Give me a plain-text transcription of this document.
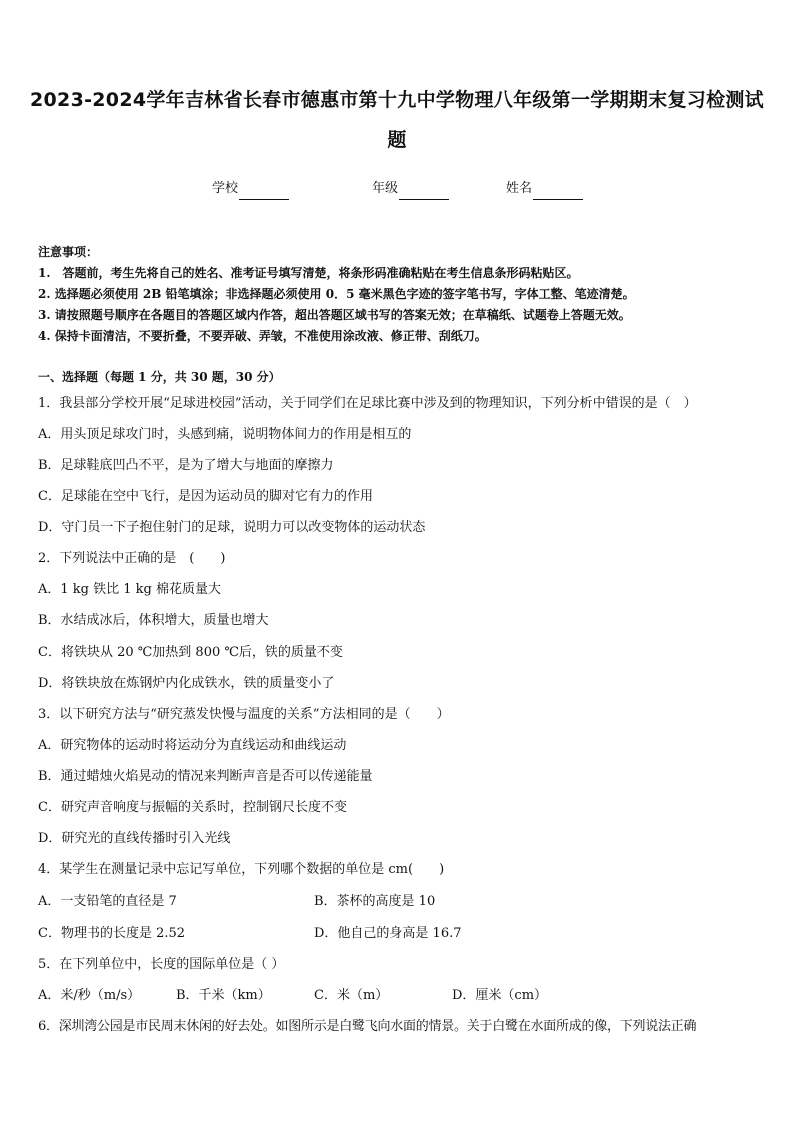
2023-2024学年吉林省长春市德惠市第十九中学物理八年级第一学期期末复习检测试
题
学校	年级	姓名
注意事项：
1.　答题前，考生先将自己的姓名、准考证号填写清楚，将条形码准确粘贴在考生信息条形码粘贴区。
2. 选择题必须使用 2B 铅笔填涂；非选择题必须使用 0．5 毫米黑色字迹的签字笔书写，字体工整、笔迹清楚。
3. 请按照题号顺序在各题目的答题区域内作答，超出答题区域书写的答案无效；在草稿纸、试题卷上答题无效。
4. 保持卡面清洁，不要折叠，不要弄破、弄皱，不准使用涂改液、修正带、刮纸刀。
一、选择题（每题 1 分，共 30 题，30 分）
1．我县部分学校开展“足球进校园”活动，关于同学们在足球比赛中涉及到的物理知识，下列分析中错误的是（　）
A．用头顶足球攻门时，头感到痛，说明物体间力的作用是相互的
B．足球鞋底凹凸不平，是为了增大与地面的摩擦力
C．足球能在空中飞行，是因为运动员的脚对它有力的作用
D．守门员一下子抱住射门的足球，说明力可以改变物体的运动状态
2．下列说法中正确的是　(　　)
A．1 kg 铁比 1 kg 棉花质量大
B．水结成冰后，体积增大，质量也增大
C．将铁块从 20 ℃加热到 800 ℃后，铁的质量不变
D．将铁块放在炼钢炉内化成铁水，铁的质量变小了
3．以下研究方法与“研究蒸发快慢与温度的关系”方法相同的是（　　）
A．研究物体的运动时将运动分为直线运动和曲线运动
B．通过蜡烛火焰晃动的情况来判断声音是否可以传递能量
C．研究声音响度与振幅的关系时，控制钢尺长度不变
D．研究光的直线传播时引入光线
4．某学生在测量记录中忘记写单位，下列哪个数据的单位是 cm(　　)
A．一支铅笔的直径是 7	B．茶杯的高度是 10
C．物理书的长度是 2.52	D．他自己的身高是 16.7
5．在下列单位中，长度的国际单位是（ ）
A．米/秒（m/s）	B．千米（km）	C．米（m）	D．厘米（cm）
6．深圳湾公园是市民周末休闲的好去处。如图所示是白鹭飞向水面的情景。关于白鹭在水面所成的像，下列说法正确
